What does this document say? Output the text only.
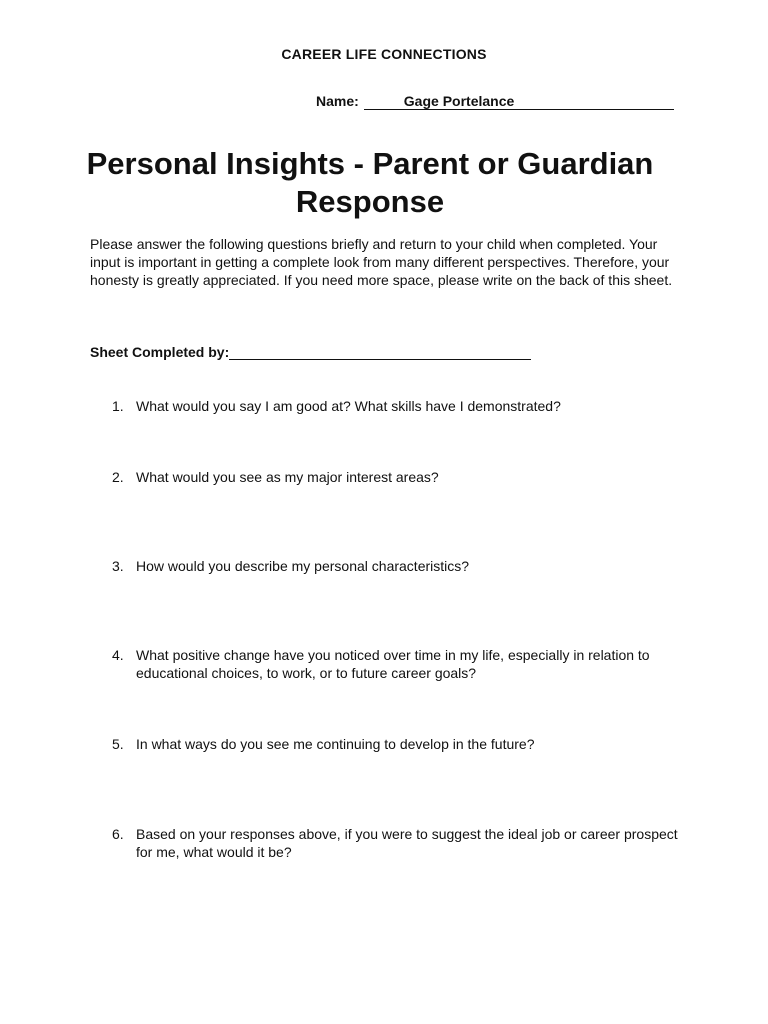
CAREER LIFE CONNECTIONS
Name:	Gage Portelance
Personal Insights - Parent or Guardian
Response

Please answer the following questions briefly and return to your child when completed. Your input is important in getting a complete look from many different perspectives. Therefore, your honesty is greatly appreciated. If you need more space, please write on the back of this sheet.

Sheet Completed by:
1. What would you say I am good at? What skills have I demonstrated?
2. What would you see as my major interest areas?
3. How would you describe my personal characteristics?
4. What positive change have you noticed over time in my life, especially in relation to educational choices, to work, or to future career goals?
5. In what ways do you see me continuing to develop in the future?
6. Based on your responses above, if you were to suggest the ideal job or career prospect for me, what would it be?
